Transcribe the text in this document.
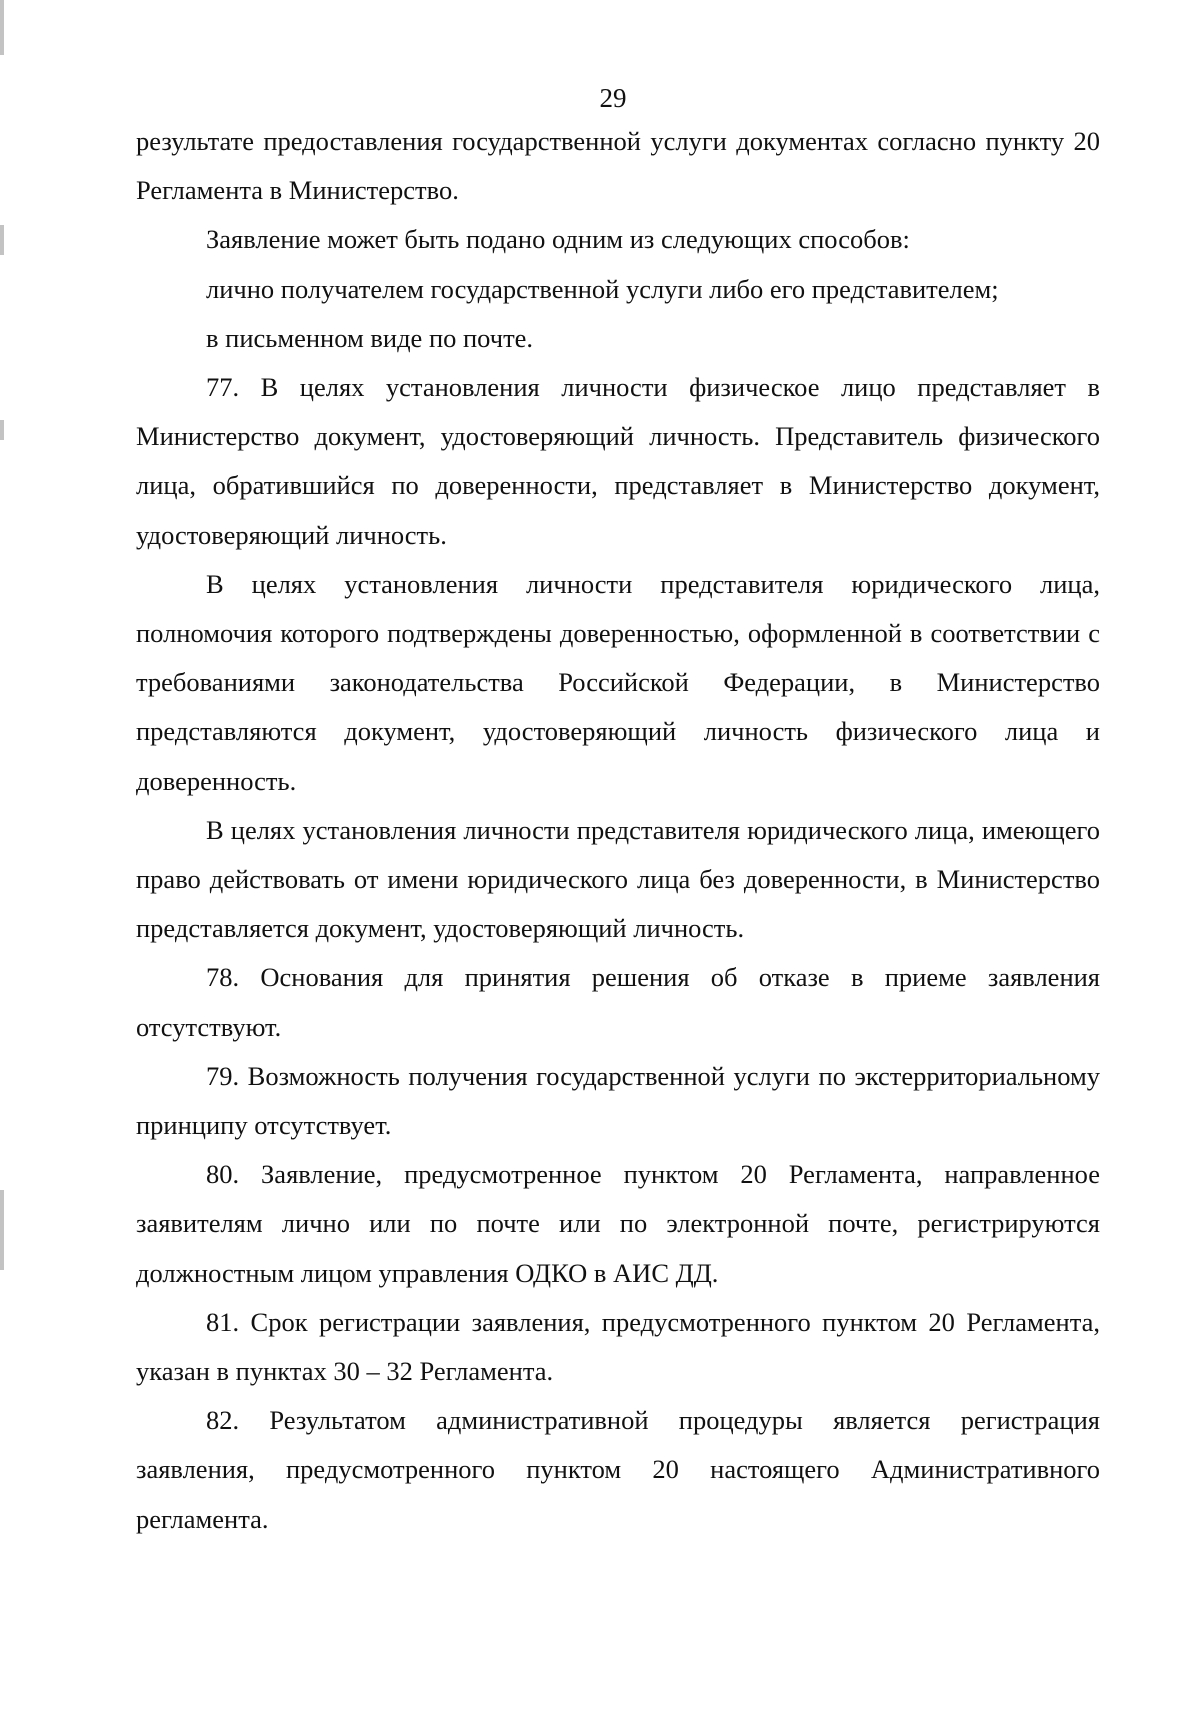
29

результате предоставления государственной услуги документах согласно пункту 20 Регламента в Министерство.

Заявление может быть подано одним из следующих способов:

лично получателем государственной услуги либо его представителем;

в письменном виде по почте.

77. В целях установления личности физическое лицо представляет в Министерство документ, удостоверяющий личность. Представитель физического лица, обратившийся по доверенности, представляет в Министерство документ, удостоверяющий личность.

В целях установления личности представителя юридического лица, полномочия которого подтверждены доверенностью, оформленной в соответствии с требованиями законодательства Российской Федерации, в Министерство представляются документ, удостоверяющий личность физического лица и доверенность.

В целях установления личности представителя юридического лица, имеющего право действовать от имени юридического лица без доверенности, в Министерство представляется документ, удостоверяющий личность.

78. Основания для принятия решения об отказе в приеме заявления отсутствуют.

79. Возможность получения государственной услуги по экстерриториальному принципу отсутствует.

80. Заявление, предусмотренное пунктом 20 Регламента, направленное заявителям лично или по почте или по электронной почте, регистрируются должностным лицом управления ОДКО в АИС ДД.

81. Срок регистрации заявления, предусмотренного пунктом 20 Регламента, указан в пунктах 30 – 32 Регламента.

82. Результатом административной процедуры является регистрация заявления, предусмотренного пунктом 20 настоящего Административного регламента.
